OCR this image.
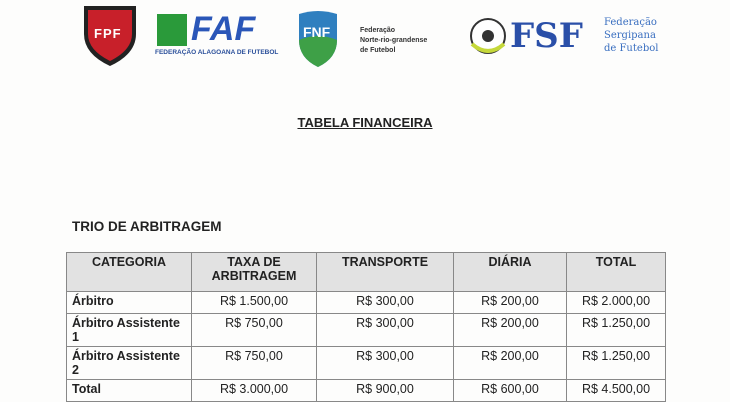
FPF FAF
FEDERAÇÃO ALAGOANA DE FUTEBOL
FNF	Federação
Norte-rio-grandense
de Futebol	FSF Federação
Sergipana
de Futebol
TABELA FINANCEIRA
TRIO DE ARBITRAGEM
CATEGORIA	TAXA DE ARBITRAGEM	TRANSPORTE	DIÁRIA	TOTAL
Árbitro	R$ 1.500,00	R$ 300,00	R$ 200,00	R$ 2.000,00
Árbitro Assistente 1	R$ 750,00	R$ 300,00	R$ 200,00	R$ 1.250,00
Árbitro Assistente 2	R$ 750,00	R$ 300,00	R$ 200,00	R$ 1.250,00
Total	R$ 3.000,00	R$ 900,00	R$ 600,00	R$ 4.500,00
